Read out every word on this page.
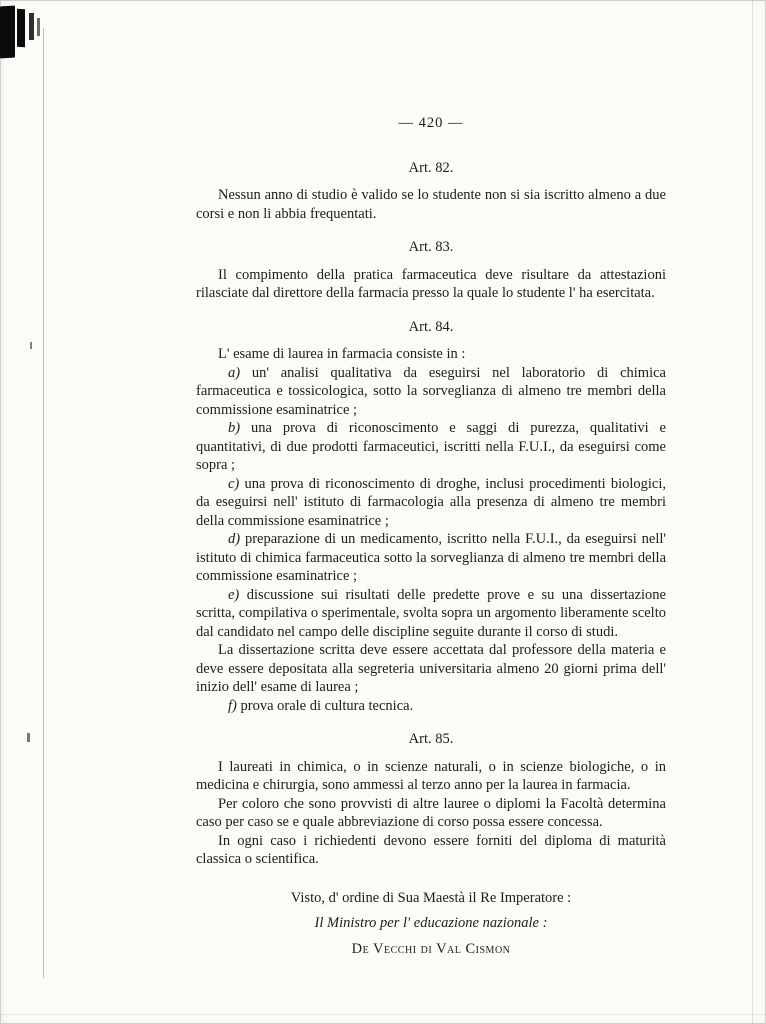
— 420 —
Art. 82.
Nessun anno di studio è valido se lo studente non si sia iscritto almeno a due corsi e non li abbia frequentati.
Art. 83.
Il compimento della pratica farmaceutica deve risultare da attestazioni rilasciate dal direttore della farmacia presso la quale lo studente l' ha esercitata.
Art. 84.
L' esame di laurea in farmacia consiste in :
a) un' analisi qualitativa da eseguirsi nel laboratorio di chimica farmaceutica e tossicologica, sotto la sorveglianza di almeno tre membri della commissione esaminatrice ;
b) una prova di riconoscimento e saggi di purezza, qualitativi e quantitativi, di due prodotti farmaceutici, iscritti nella F.U.I., da eseguirsi come sopra ;
c) una prova di riconoscimento di droghe, inclusi procedimenti biologici, da eseguirsi nell' istituto di farmacologia alla presenza di almeno tre membri della commissione esaminatrice ;
d) preparazione di un medicamento, iscritto nella F.U.I., da eseguirsi nell' istituto di chimica farmaceutica sotto la sorveglianza di almeno tre membri della commissione esaminatrice ;
e) discussione sui risultati delle predette prove e su una dissertazione scritta, compilativa o sperimentale, svolta sopra un argomento liberamente scelto dal candidato nel campo delle discipline seguite durante il corso di studi.
La dissertazione scritta deve essere accettata dal professore della materia e deve essere depositata alla segreteria universitaria almeno 20 giorni prima dell' inizio dell' esame di laurea ;
f) prova orale di cultura tecnica.
Art. 85.
I laureati in chimica, o in scienze naturali, o in scienze biologiche, o in medicina e chirurgia, sono ammessi al terzo anno per la laurea in farmacia.
Per coloro che sono provvisti di altre lauree o diplomi la Facoltà determina caso per caso se e quale abbreviazione di corso possa essere concessa.
In ogni caso i richiedenti devono essere forniti del diploma di maturità classica o scientifica.
Visto, d' ordine di Sua Maestà il Re Imperatore :
Il Ministro per l' educazione nazionale :
De Vecchi di Val Cismon
